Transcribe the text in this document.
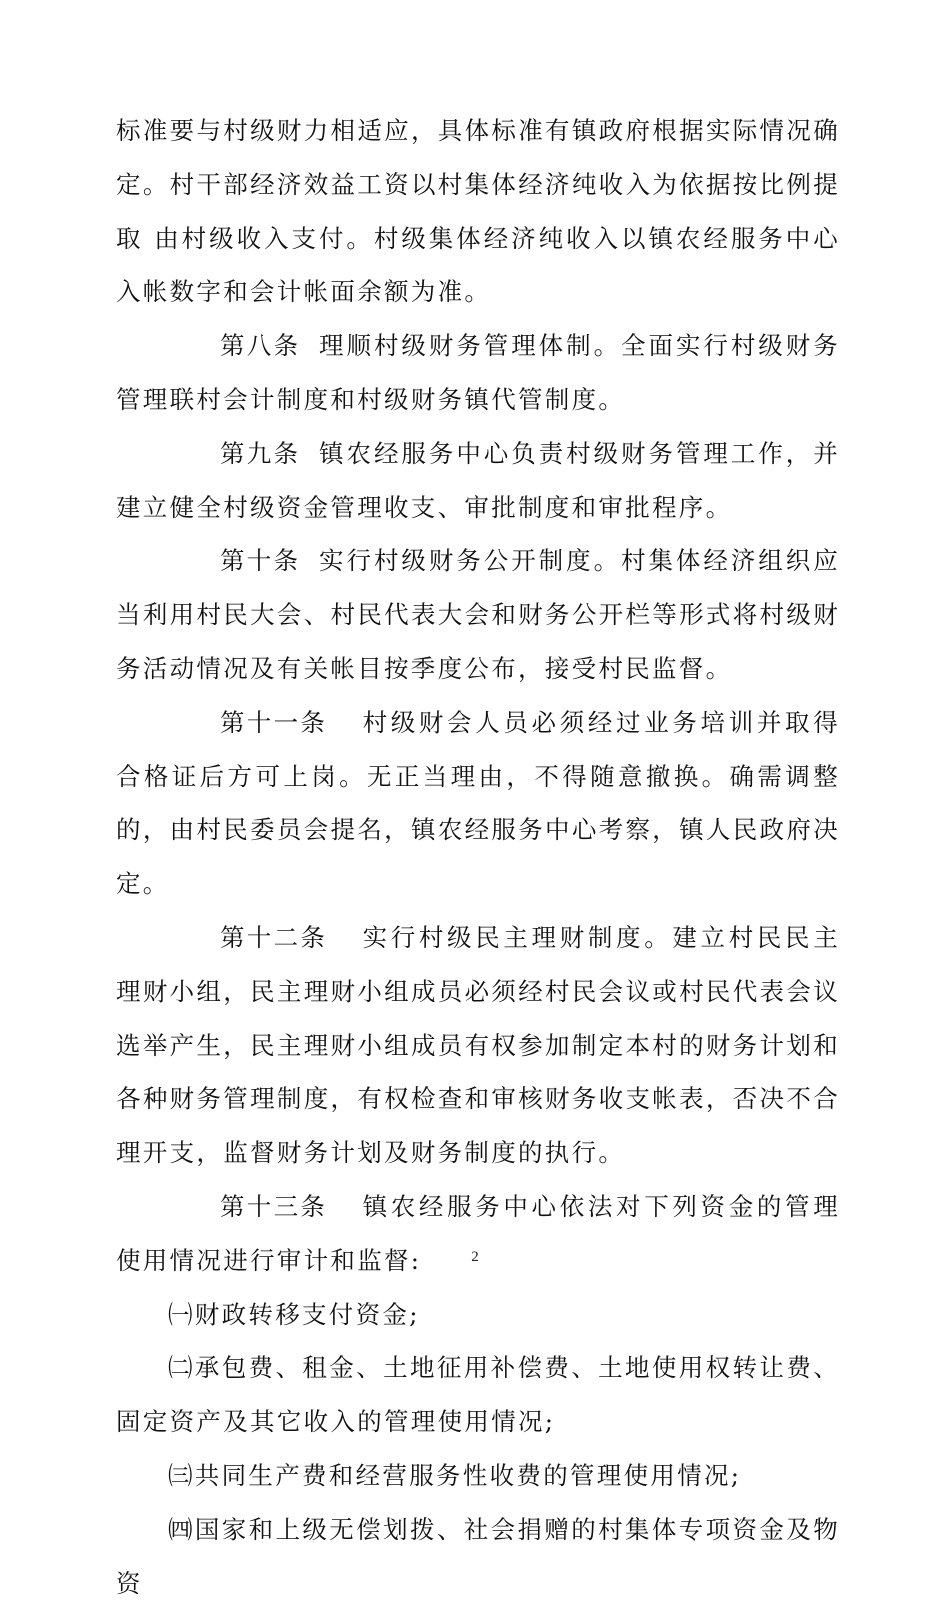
标准要与村级财力相适应，具体标准有镇政府根据实际情况确定。村干部经济效益工资以村集体经济纯收入为依据按比例提取 由村级收入支付。村级集体经济纯收入以镇农经服务中心入帐数字和会计帐面余额为准。

第八条 理顺村级财务管理体制。全面实行村级财务管理联村会计制度和村级财务镇代管制度。

第九条 镇农经服务中心负责村级财务管理工作，并建立健全村级资金管理收支、审批制度和审批程序。

第十条 实行村级财务公开制度。村集体经济组织应当利用村民大会、村民代表大会和财务公开栏等形式将村级财务活动情况及有关帐目按季度公布，接受村民监督。

第十一条 村级财会人员必须经过业务培训并取得合格证后方可上岗。无正当理由，不得随意撤换。确需调整的，由村民委员会提名，镇农经服务中心考察，镇人民政府决定。

第十二条 实行村级民主理财制度。建立村民民主理财小组，民主理财小组成员必须经村民会议或村民代表会议选举产生，民主理财小组成员有权参加制定本村的财务计划和各种财务管理制度，有权检查和审核财务收支帐表，否决不合理开支，监督财务计划及财务制度的执行。

第十三条 镇农经服务中心依法对下列资金的管理使用情况进行审计和监督:

㈠财政转移支付资金;

㈡承包费、租金、土地征用补偿费、土地使用权转让费、固定资产及其它收入的管理使用情况;

㈢共同生产费和经营服务性收费的管理使用情况;

㈣国家和上级无偿划拨、社会捐赠的村集体专项资金及物资

2
